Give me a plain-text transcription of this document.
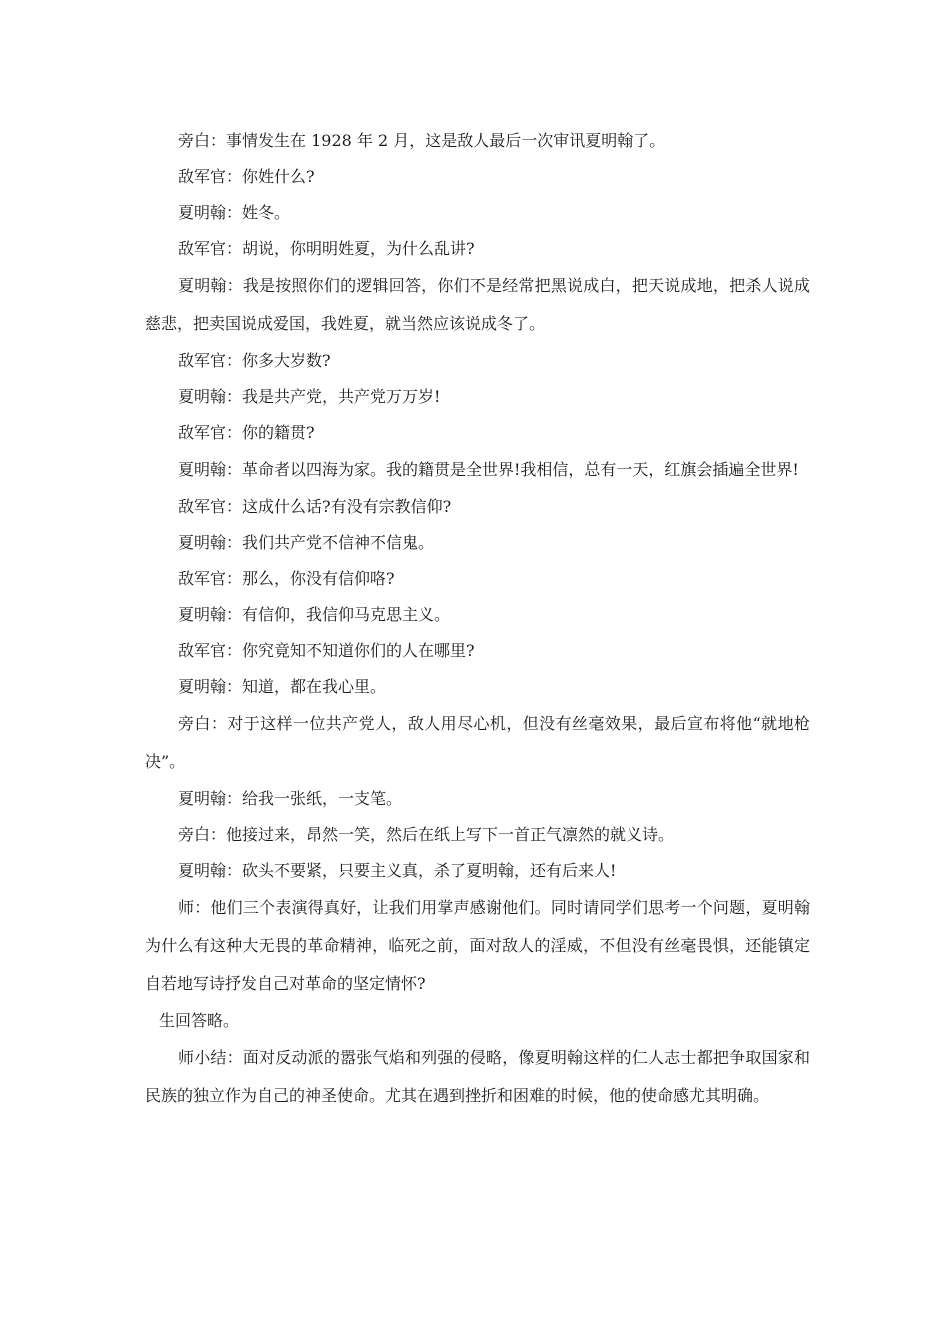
旁白：事情发生在 1928 年 2 月，这是敌人最后一次审讯夏明翰了。

敌军官：你姓什么?

夏明翰：姓冬。

敌军官：胡说，你明明姓夏，为什么乱讲?

夏明翰：我是按照你们的逻辑回答，你们不是经常把黑说成白，把天说成地，把杀人说成慈悲，把卖国说成爱国，我姓夏，就当然应该说成冬了。

敌军官：你多大岁数?

夏明翰：我是共产党，共产党万万岁!

敌军官：你的籍贯?

夏明翰：革命者以四海为家。我的籍贯是全世界!我相信，总有一天，红旗会插遍全世界!

敌军官：这成什么话?有没有宗教信仰?

夏明翰：我们共产党不信神不信鬼。

敌军官：那么，你没有信仰咯?

夏明翰：有信仰，我信仰马克思主义。

敌军官：你究竟知不知道你们的人在哪里?

夏明翰：知道，都在我心里。

旁白：对于这样一位共产党人，敌人用尽心机，但没有丝毫效果，最后宣布将他“就地枪决”。

夏明翰：给我一张纸，一支笔。

旁白：他接过来，昂然一笑，然后在纸上写下一首正气凛然的就义诗。

夏明翰：砍头不要紧，只要主义真，杀了夏明翰，还有后来人!

师：他们三个表演得真好，让我们用掌声感谢他们。同时请同学们思考一个问题，夏明翰为什么有这种大无畏的革命精神，临死之前，面对敌人的淫威，不但没有丝毫畏惧，还能镇定自若地写诗抒发自己对革命的坚定情怀?

生回答略。

师小结：面对反动派的嚣张气焰和列强的侵略，像夏明翰这样的仁人志士都把争取国家和民族的独立作为自己的神圣使命。尤其在遇到挫折和困难的时候，他的使命感尤其明确。
